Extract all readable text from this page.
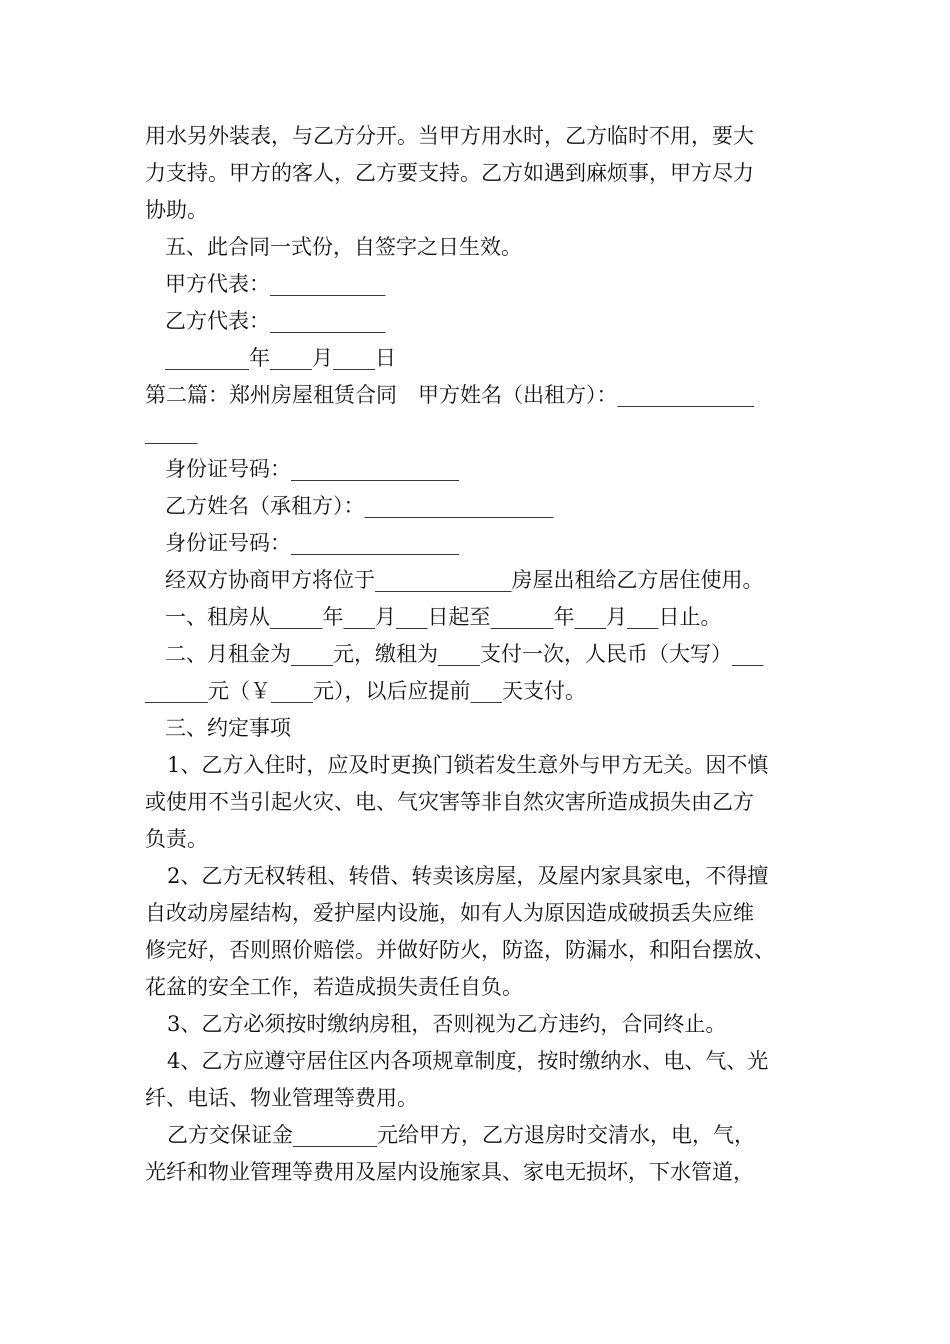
用水另外装表，与乙方分开。当甲方用水时，乙方临时不用，要大
力支持。甲方的客人，乙方要支持。乙方如遇到麻烦事，甲方尽力
协助。
五、此合同一式份，自签字之日生效。
甲方代表：___________
乙方代表：___________
________年____月____日
第二篇：郑州房屋租赁合同　甲方姓名（出租方）：_____________
_____
身份证号码：________________
乙方姓名（承租方）：__________________
身份证号码：________________
经双方协商甲方将位于_____________房屋出租给乙方居住使用。
一、租房从_____年___月___日起至______年___月___日止。
二、月租金为____元，缴租为____支付一次，人民币（大写）___
______元（￥____元），以后应提前___天支付。
三、约定事项
1、乙方入住时，应及时更换门锁若发生意外与甲方无关。因不慎
或使用不当引起火灾、电、气灾害等非自然灾害所造成损失由乙方
负责。
2、乙方无权转租、转借、转卖该房屋，及屋内家具家电，不得擅
自改动房屋结构，爱护屋内设施，如有人为原因造成破损丢失应维
修完好，否则照价赔偿。并做好防火，防盗，防漏水，和阳台摆放、
花盆的安全工作，若造成损失责任自负。
3、乙方必须按时缴纳房租，否则视为乙方违约，合同终止。
4、乙方应遵守居住区内各项规章制度，按时缴纳水、电、气、光
纤、电话、物业管理等费用。
乙方交保证金________元给甲方，乙方退房时交清水，电，气，
光纤和物业管理等费用及屋内设施家具、家电无损坏，下水管道，
